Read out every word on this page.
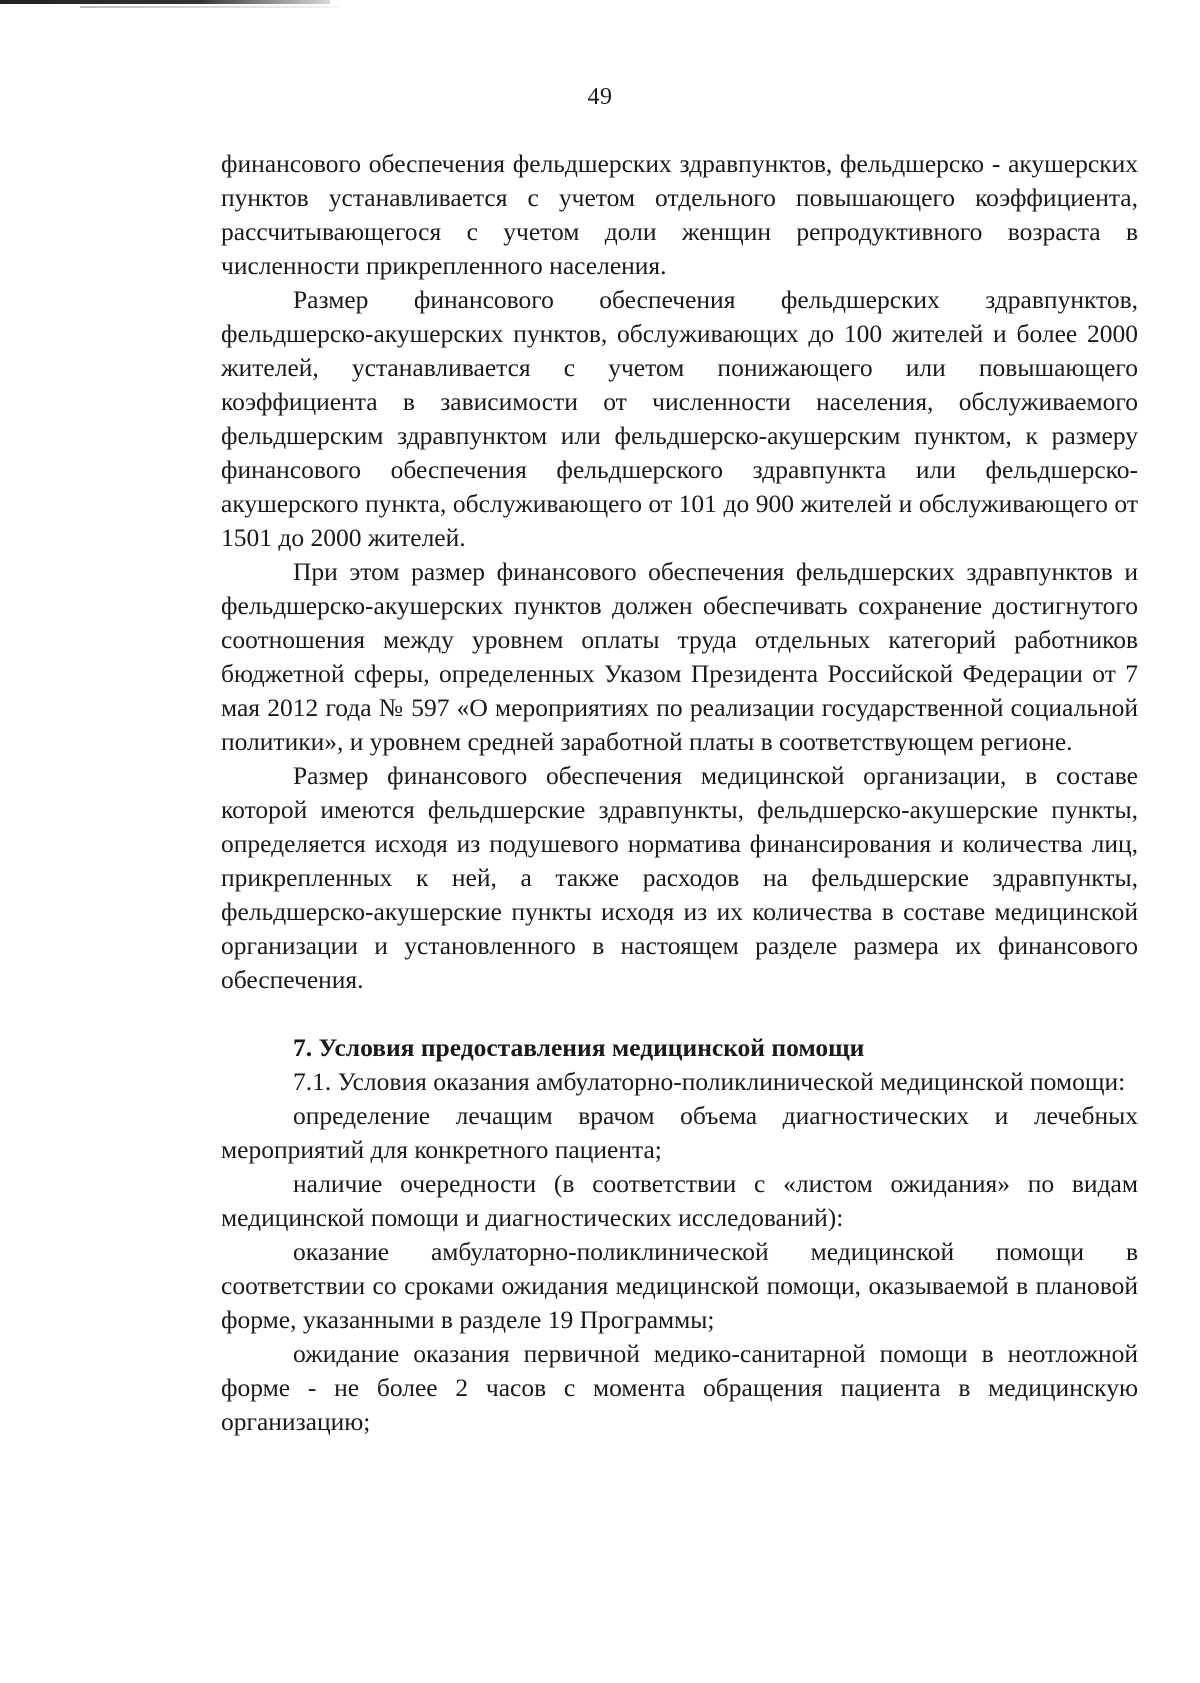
49

финансового обеспечения фельдшерских здравпунктов, фельдшерско - акушерских пунктов устанавливается с учетом отдельного повышающего коэффициента, рассчитывающегося с учетом доли женщин репродуктивного возраста в численности прикрепленного населения.

Размер финансового обеспечения фельдшерских здравпунктов, фельдшерско-акушерских пунктов, обслуживающих до 100 жителей и более 2000 жителей, устанавливается с учетом понижающего или повышающего коэффициента в зависимости от численности населения, обслуживаемого фельдшерским здравпунктом или фельдшерско-акушерским пунктом, к размеру финансового обеспечения фельдшерского здравпункта или фельдшерско-акушерского пункта, обслуживающего от 101 до 900 жителей и обслуживающего от 1501 до 2000 жителей.

При этом размер финансового обеспечения фельдшерских здравпунктов и фельдшерско-акушерских пунктов должен обеспечивать сохранение достигнутого соотношения между уровнем оплаты труда отдельных категорий работников бюджетной сферы, определенных Указом Президента Российской Федерации от 7 мая 2012 года № 597 «О мероприятиях по реализации государственной социальной политики», и уровнем средней заработной платы в соответствующем регионе.

Размер финансового обеспечения медицинской организации, в составе которой имеются фельдшерские здравпункты, фельдшерско-акушерские пункты, определяется исходя из подушевого норматива финансирования и количества лиц, прикрепленных к ней, а также расходов на фельдшерские здравпункты, фельдшерско-акушерские пункты исходя из их количества в составе медицинской организации и установленного в настоящем разделе размера их финансового обеспечения.

7. Условия предоставления медицинской помощи

7.1. Условия оказания амбулаторно-поликлинической медицинской помощи:

определение лечащим врачом объема диагностических и лечебных мероприятий для конкретного пациента;

наличие очередности (в соответствии с «листом ожидания» по видам медицинской помощи и диагностических исследований):

оказание амбулаторно-поликлинической медицинской помощи в соответствии со сроками ожидания медицинской помощи, оказываемой в плановой форме, указанными в разделе 19 Программы;

ожидание оказания первичной медико-санитарной помощи в неотложной форме - не более 2 часов с момента обращения пациента в медицинскую организацию;
